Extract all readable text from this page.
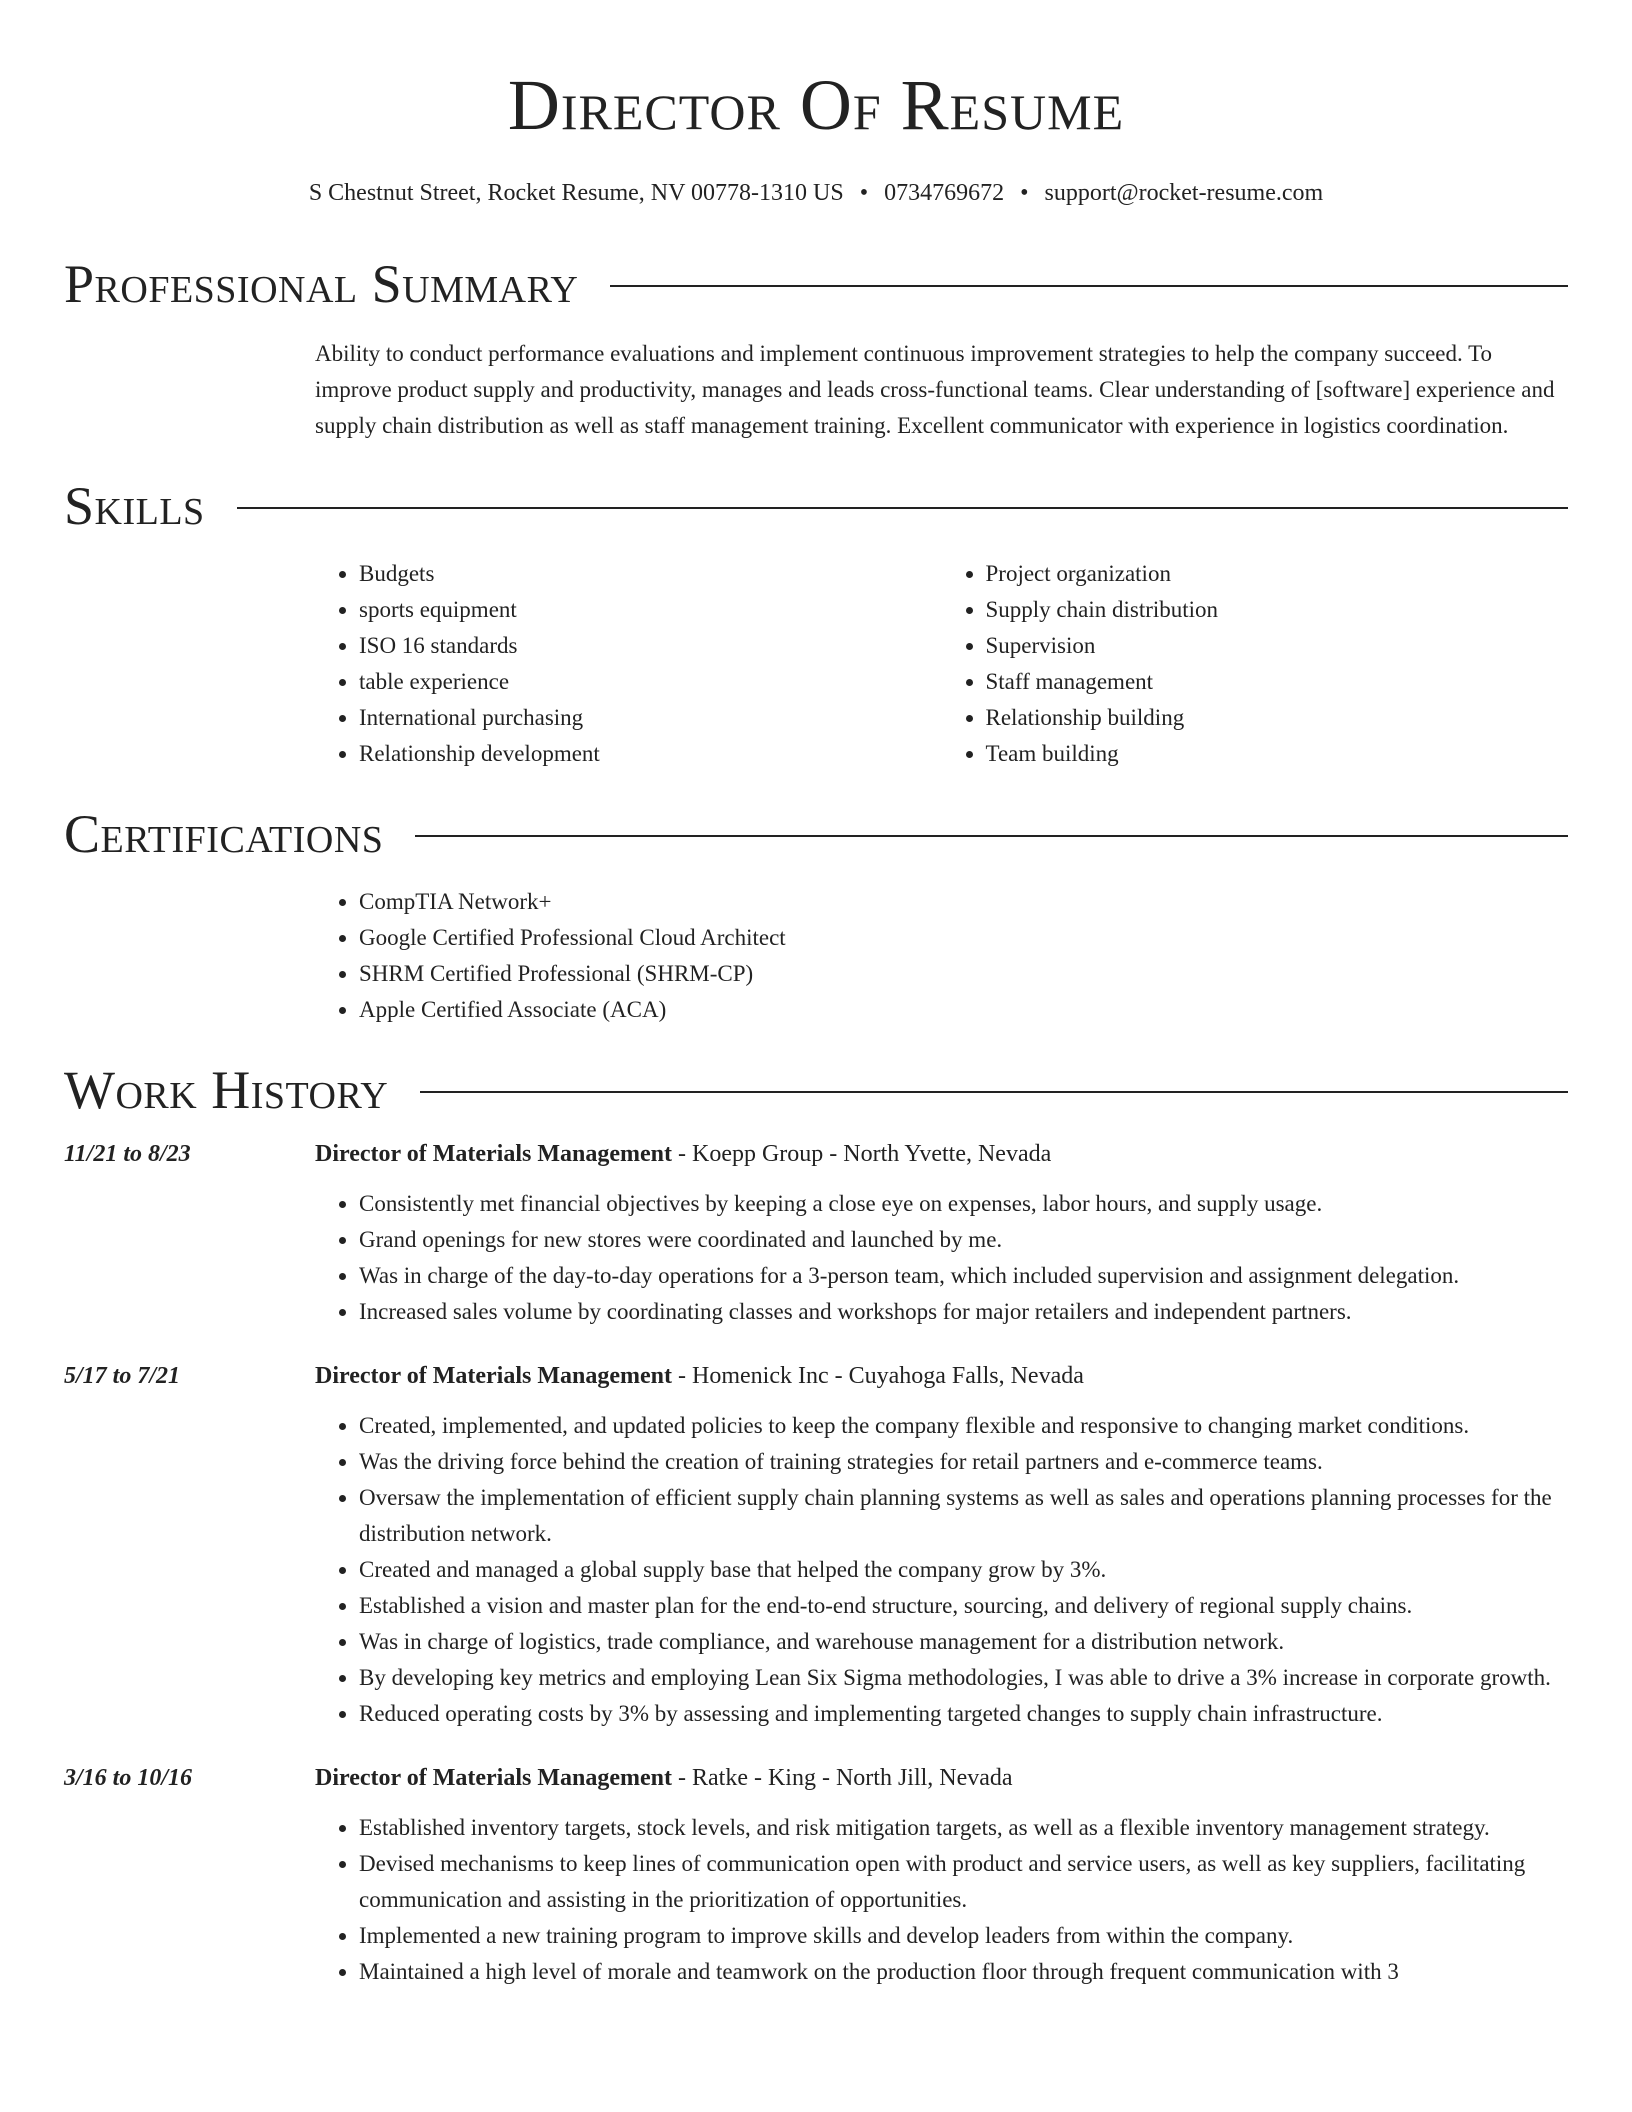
Director Of Resume
S Chestnut Street, Rocket Resume, NV 00778-1310 US • 0734769672 • support@rocket-resume.com
Professional Summary
Ability to conduct performance evaluations and implement continuous improvement strategies to help the company succeed. To improve product supply and productivity, manages and leads cross-functional teams. Clear understanding of [software] experience and supply chain distribution as well as staff management training. Excellent communicator with experience in logistics coordination.
Skills
• Budgets
• sports equipment
• ISO 16 standards
• table experience
• International purchasing
• Relationship development
• Project organization
• Supply chain distribution
• Supervision
• Staff management
• Relationship building
• Team building
Certifications
• CompTIA Network+
• Google Certified Professional Cloud Architect
• SHRM Certified Professional (SHRM-CP)
• Apple Certified Associate (ACA)
Work History
11/21 to 8/23	Director of Materials Management - Koepp Group - North Yvette, Nevada
• Consistently met financial objectives by keeping a close eye on expenses, labor hours, and supply usage.
• Grand openings for new stores were coordinated and launched by me.
• Was in charge of the day-to-day operations for a 3-person team, which included supervision and assignment delegation.
• Increased sales volume by coordinating classes and workshops for major retailers and independent partners.
5/17 to 7/21	Director of Materials Management - Homenick Inc - Cuyahoga Falls, Nevada
• Created, implemented, and updated policies to keep the company flexible and responsive to changing market conditions.
• Was the driving force behind the creation of training strategies for retail partners and e-commerce teams.
• Oversaw the implementation of efficient supply chain planning systems as well as sales and operations planning processes for the distribution network.
• Created and managed a global supply base that helped the company grow by 3%.
• Established a vision and master plan for the end-to-end structure, sourcing, and delivery of regional supply chains.
• Was in charge of logistics, trade compliance, and warehouse management for a distribution network.
• By developing key metrics and employing Lean Six Sigma methodologies, I was able to drive a 3% increase in corporate growth.
• Reduced operating costs by 3% by assessing and implementing targeted changes to supply chain infrastructure.
3/16 to 10/16	Director of Materials Management - Ratke - King - North Jill, Nevada
• Established inventory targets, stock levels, and risk mitigation targets, as well as a flexible inventory management strategy.
• Devised mechanisms to keep lines of communication open with product and service users, as well as key suppliers, facilitating communication and assisting in the prioritization of opportunities.
• Implemented a new training program to improve skills and develop leaders from within the company.
• Maintained a high level of morale and teamwork on the production floor through frequent communication with 3
